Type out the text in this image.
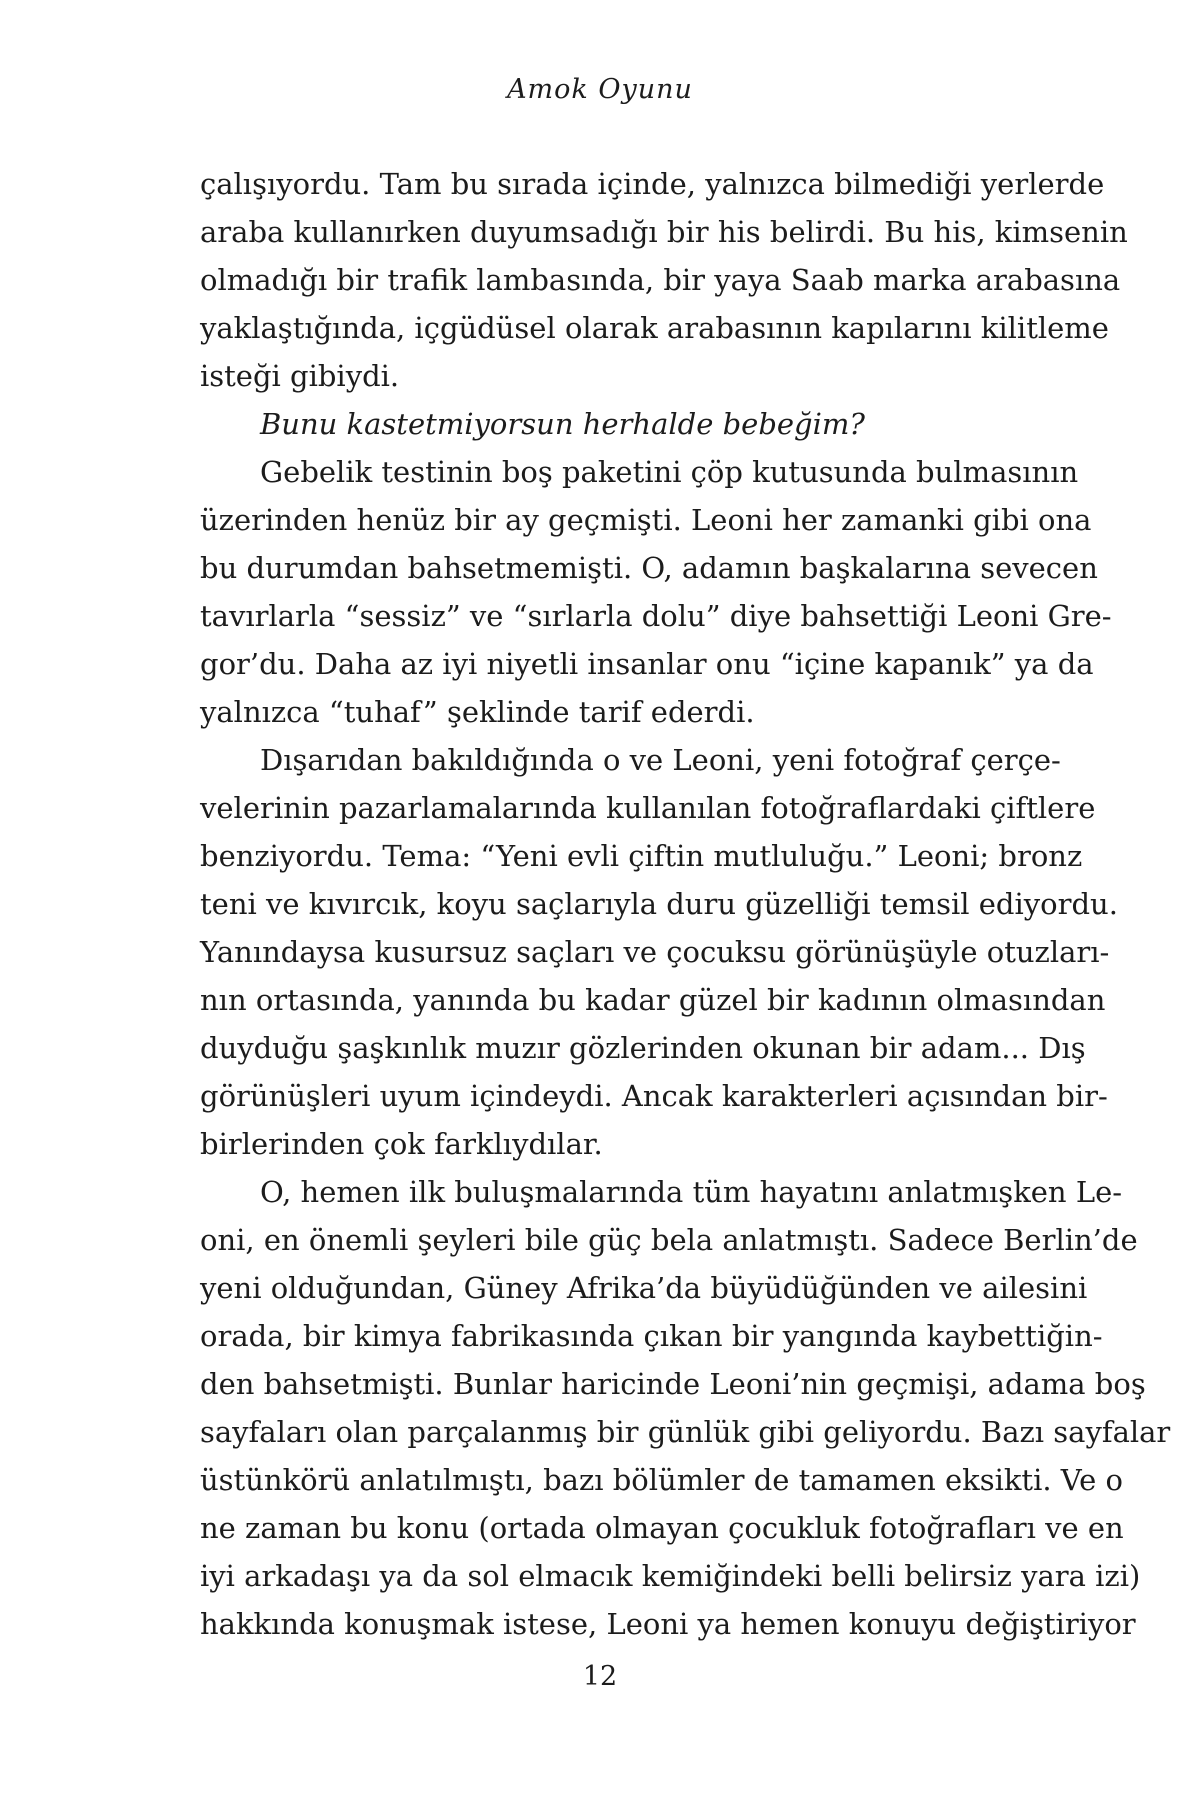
Amok Oyunu
çalışıyordu. Tam bu sırada içinde, yalnızca bilmediği yerlerde
araba kullanırken duyumsadığı bir his belirdi. Bu his, kimsenin
olmadığı bir trafik lambasında, bir yaya Saab marka arabasına
yaklaştığında, içgüdüsel olarak arabasının kapılarını kilitleme
isteği gibiydi.
Bunu kastetmiyorsun herhalde bebeğim?
Gebelik testinin boş paketini çöp kutusunda bulmasının
üzerinden henüz bir ay geçmişti. Leoni her zamanki gibi ona
bu durumdan bahsetmemişti. O, adamın başkalarına sevecen
tavırlarla “sessiz” ve “sırlarla dolu” diye bahsettiği Leoni Gre-
gor’du. Daha az iyi niyetli insanlar onu “içine kapanık” ya da
yalnızca “tuhaf” şeklinde tarif ederdi.
Dışarıdan bakıldığında o ve Leoni, yeni fotoğraf çerçe-
velerinin pazarlamalarında kullanılan fotoğraflardaki çiftlere
benziyordu. Tema: “Yeni evli çiftin mutluluğu.” Leoni; bronz
teni ve kıvırcık, koyu saçlarıyla duru güzelliği temsil ediyordu.
Yanındaysa kusursuz saçları ve çocuksu görünüşüyle otuzları-
nın ortasında, yanında bu kadar güzel bir kadının olmasından
duyduğu şaşkınlık muzır gözlerinden okunan bir adam... Dış
görünüşleri uyum içindeydi. Ancak karakterleri açısından bir-
birlerinden çok farklıydılar.
O, hemen ilk buluşmalarında tüm hayatını anlatmışken Le-
oni, en önemli şeyleri bile güç bela anlatmıştı. Sadece Berlin’de
yeni olduğundan, Güney Afrika’da büyüdüğünden ve ailesini
orada, bir kimya fabrikasında çıkan bir yangında kaybettiğin-
den bahsetmişti. Bunlar haricinde Leoni’nin geçmişi, adama boş
sayfaları olan parçalanmış bir günlük gibi geliyordu. Bazı sayfalar
üstünkörü anlatılmıştı, bazı bölümler de tamamen eksikti. Ve o
ne zaman bu konu (ortada olmayan çocukluk fotoğrafları ve en
iyi arkadaşı ya da sol elmacık kemiğindeki belli belirsiz yara izi)
hakkında konuşmak istese, Leoni ya hemen konuyu değiştiriyor
12
